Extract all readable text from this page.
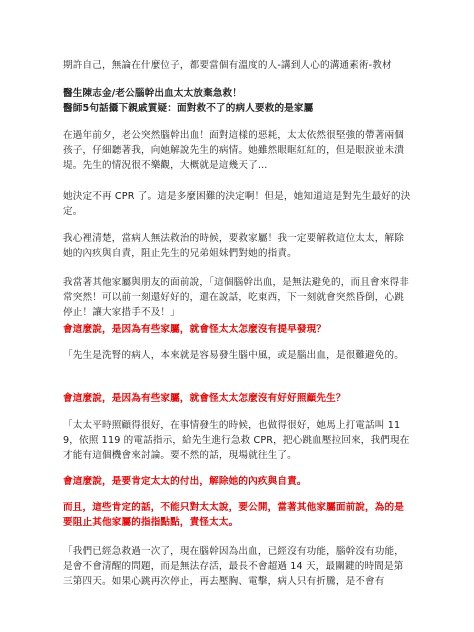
期許自己，無論在什麼位子，都要當個有溫度的人-講到人心的溝通素術-教材

醫生陳志金/老公腦幹出血太太放棄急救！

醫師5句話攝下親戚質疑：面對救不了的病人要救的是家屬

在過年前夕，老公突然腦幹出血！面對這樣的惡耗，太太依然很堅強的帶著兩個孩子，仔細聽著我，向她解說先生的病情。她雖然眼眶紅紅的，但是眼淚並未潰堤。先生的情況很不樂觀，大概就是這幾天了...

她決定不再 CPR 了。這是多麼困難的決定啊！但是，她知道這是對先生最好的決定。

我心裡清楚，當病人無法救治的時候，要救家屬！我一定要解救這位太太，解除她的內疚與自責，阻止先生的兄弟姐妹們對她的指責。

我當著其他家屬與朋友的面前說，「這個腦幹出血，是無法避免的，而且會來得非常突然！可以前一刻還好好的，還在說話，吃東西，下一刻就會突然昏倒，心跳停止！讓大家措手不及！」

會這麼說，是因為有些家屬，就會怪太太怎麼沒有提早發現？

「先生是洗腎的病人，本來就是容易發生腦中風，或是腦出血，是很難避免的。

會這麼說，是因為有些家屬，就會怪太太怎麼沒有好好照顧先生？

「太太平時照顧得很好，在事情發生的時候，也做得很好，她馬上打電話叫 119，依照 119 的電話指示，給先生進行急救 CPR，把心跳血壓拉回來，我們現在才能有這個機會來討論。要不然的話，現場就往生了。

會這麼說，是要肯定太太的付出，解除她的內疚與自責。

而且，這些肯定的話，不能只對太太說，要公開，當著其他家屬面前說，為的是要阻止其他家屬的指指點點，責怪太太。

「我們已經急救過一次了，現在腦幹因為出血，已經沒有功能，腦幹沒有功能，是會不會清醒的問題，而是無法存活，最長不會超過 14 天，最關鍵的時間是第三第四天。如果心跳再次停止，再去壓胸、電擊，病人只有折騰，是不會有
